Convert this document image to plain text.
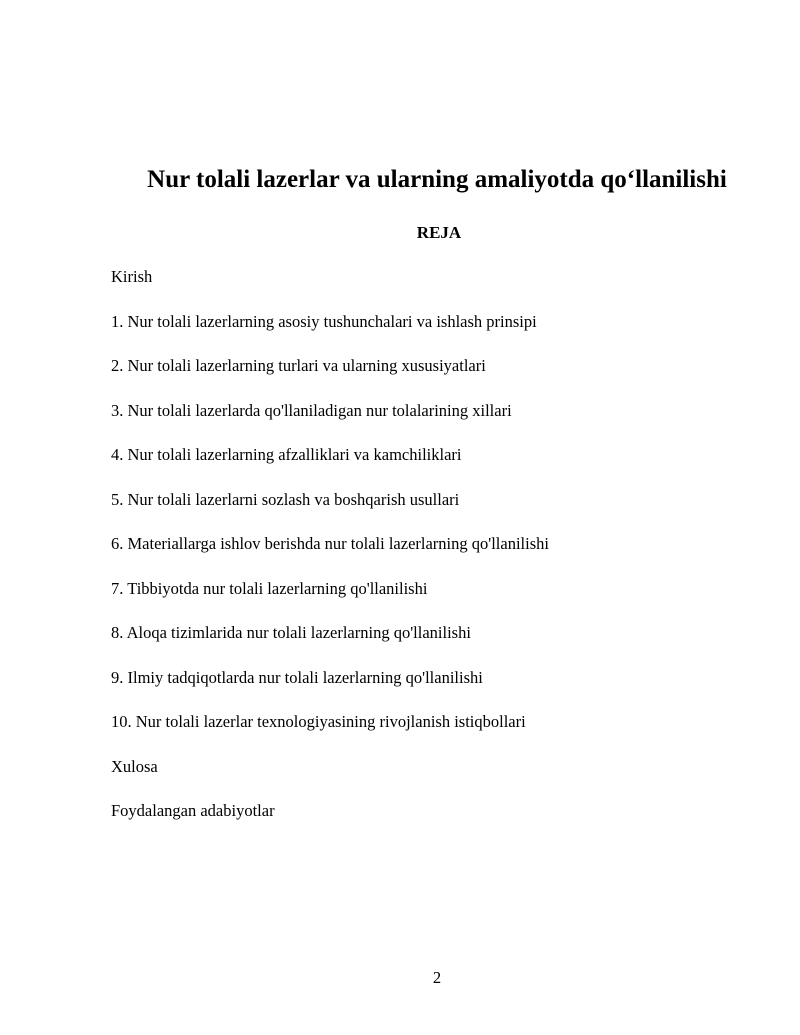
Nur tolali lazerlar va ularning amaliyotda qo‘llanilishi
REJA
Kirish
1. Nur tolali lazerlarning asosiy tushunchalari va ishlash prinsipi
2. Nur tolali lazerlarning turlari va ularning xususiyatlari
3. Nur tolali lazerlarda qo'llaniladigan nur tolalarining xillari
4. Nur tolali lazerlarning afzalliklari va kamchiliklari
5. Nur tolali lazerlarni sozlash va boshqarish usullari
6. Materiallarga ishlov berishda nur tolali lazerlarning qo'llanilishi
7. Tibbiyotda nur tolali lazerlarning qo'llanilishi
8. Aloqa tizimlarida nur tolali lazerlarning qo'llanilishi
9. Ilmiy tadqiqotlarda nur tolali lazerlarning qo'llanilishi
10. Nur tolali lazerlar texnologiyasining rivojlanish istiqbollari
Xulosa
Foydalangan adabiyotlar
2
